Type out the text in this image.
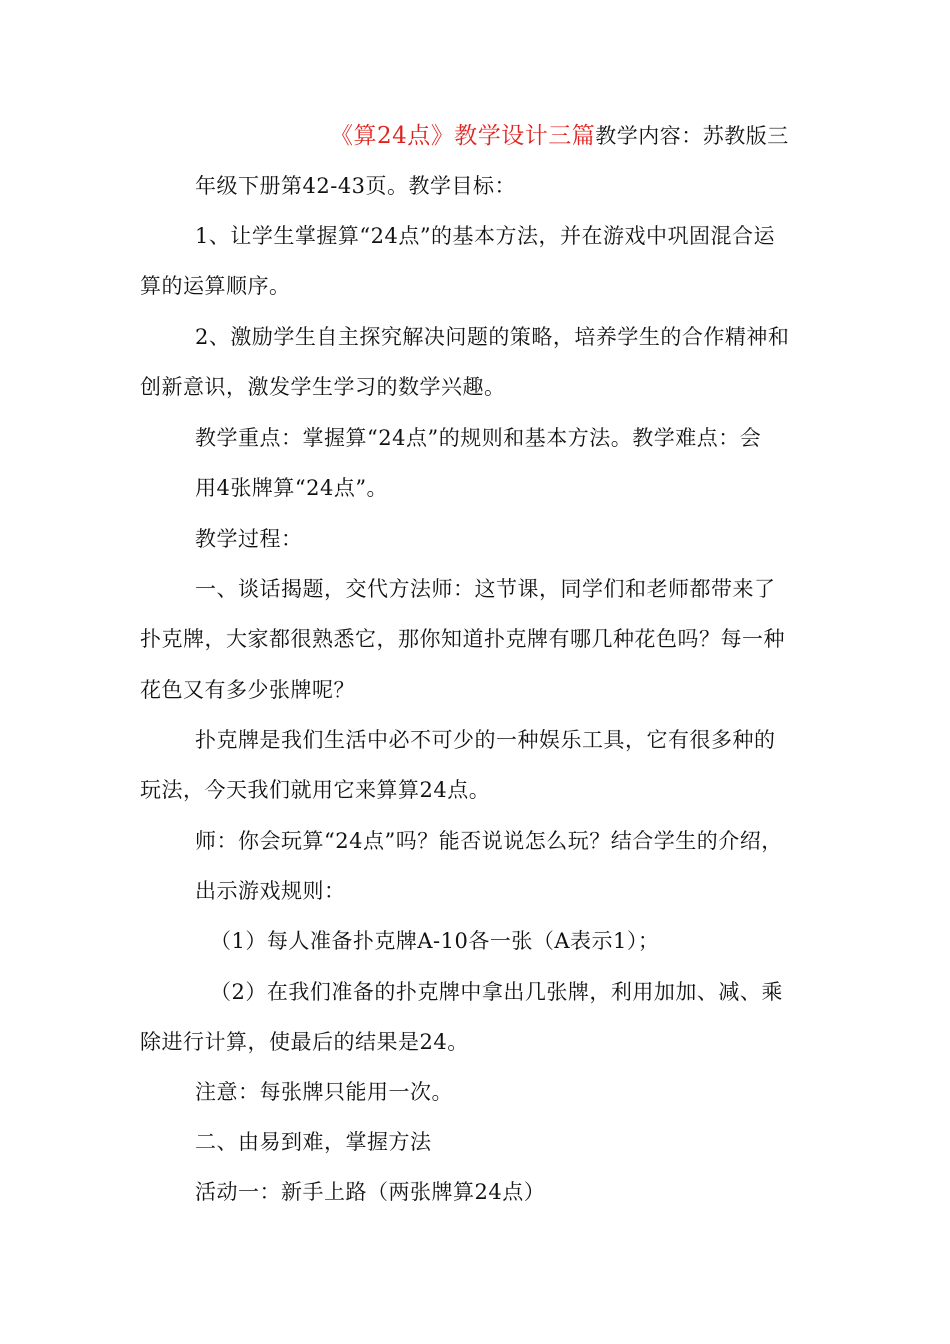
《算24点》教学设计三篇教学内容：苏教版三
年级下册第42-43页。教学目标：
1、让学生掌握算“24点”的基本方法，并在游戏中巩固混合运
算的运算顺序。
2、激励学生自主探究解决问题的策略，培养学生的合作精神和
创新意识，激发学生学习的数学兴趣。
教学重点：掌握算“24点”的规则和基本方法。教学难点：会
用4张牌算“24点”。
教学过程：
一、谈话揭题，交代方法师：这节课，同学们和老师都带来了
扑克牌，大家都很熟悉它，那你知道扑克牌有哪几种花色吗？每一种
花色又有多少张牌呢？
扑克牌是我们生活中必不可少的一种娱乐工具，它有很多种的
玩法，今天我们就用它来算算24点。
师：你会玩算“24点”吗？能否说说怎么玩？结合学生的介绍，
出示游戏规则：
（1）每人准备扑克牌A-10各一张（A表示1）；
（2）在我们准备的扑克牌中拿出几张牌，利用加加、减、乘
除进行计算，使最后的结果是24。
注意：每张牌只能用一次。
二、由易到难，掌握方法
活动一：新手上路（两张牌算24点）
